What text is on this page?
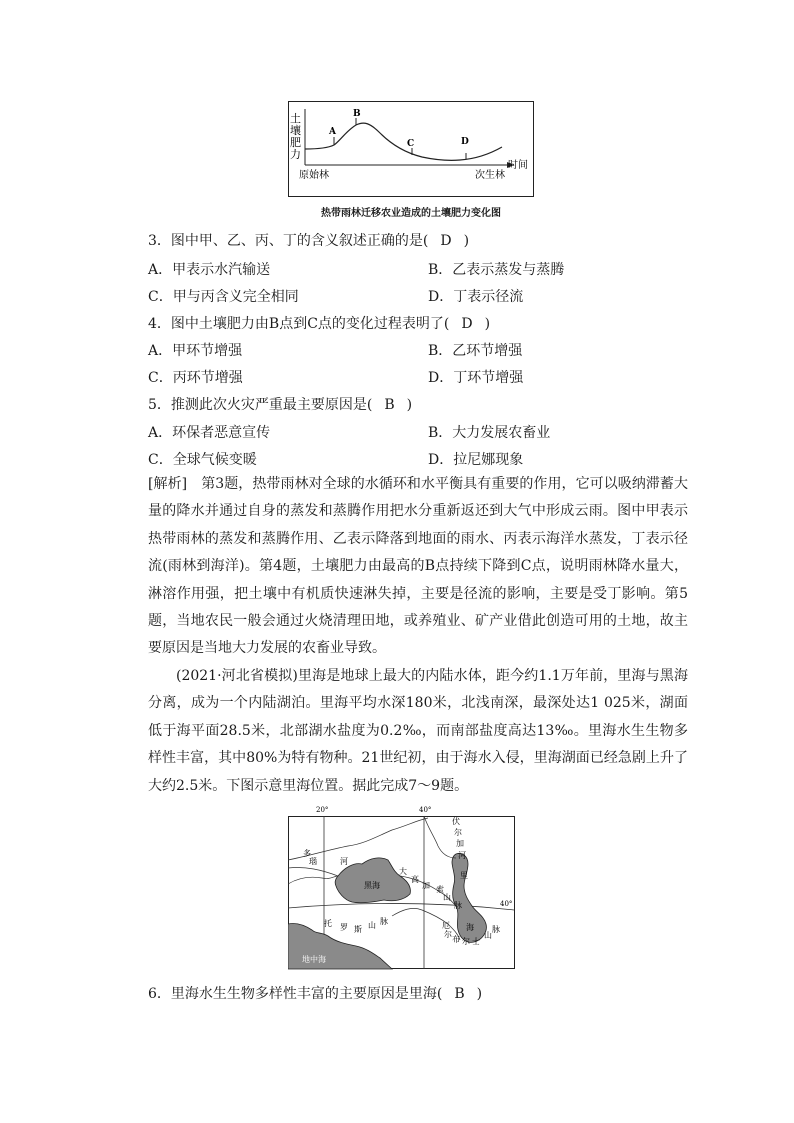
土
壤
肥
力
A
B
C	D
时间
原始林	次生林
热带雨林迁移农业造成的土壤肥力变化图
3．图中甲、乙、丙、丁的含义叙述正确的是( D )
A．甲表示水汽输送	B．乙表示蒸发与蒸腾
C．甲与丙含义完全相同	D．丁表示径流
4．图中土壤肥力由B点到C点的变化过程表明了( D )
A．甲环节增强	B．乙环节增强
C．丙环节增强	D．丁环节增强
5．推测此次火灾严重最主要原因是( B )
A．环保者恶意宣传	B．大力发展农畜业
C．全球气候变暖	D．拉尼娜现象
[解析]　第3题，热带雨林对全球的水循环和水平衡具有重要的作用，它可以吸纳滞蓄大量的降水并通过自身的蒸发和蒸腾作用把水分重新返还到大气中形成云雨。图中甲表示热带雨林的蒸发和蒸腾作用、乙表示降落到地面的雨水、丙表示海洋水蒸发，丁表示径流(雨林到海洋)。第4题，土壤肥力由最高的B点持续下降到C点，说明雨林降水量大，淋溶作用强，把土壤中有机质快速淋失掉，主要是径流的影响，主要是受丁影响。第5题，当地农民一般会通过火烧清理田地，或养殖业、矿产业借此创造可用的土地，故主要原因是当地大力发展的农畜业导致。
(2021·河北省模拟)里海是地球上最大的内陆水体，距今约1.1万年前，里海与黑海分离，成为一个内陆湖泊。里海平均水深180米，北浅南深，最深处达1 025米，湖面低于海平面28.5米，北部湖水盐度为0.2‰，而南部盐度高达13‰。里海水生生物多样性丰富，其中80%为特有物种。21世纪初，由于海水入侵，里海湖面已经急剧上升了大约2.5米。下图示意里海位置。据此完成7～9题。
20°	40°
多
瑙	河
黑海
大
高
加 索
山
脉
伏
尔
加
河
里
海
托 罗 斯 山 脉	厄
尔
布 尔 士
山
脉
40°
地中海
6．里海水生生物多样性丰富的主要原因是里海( B )
